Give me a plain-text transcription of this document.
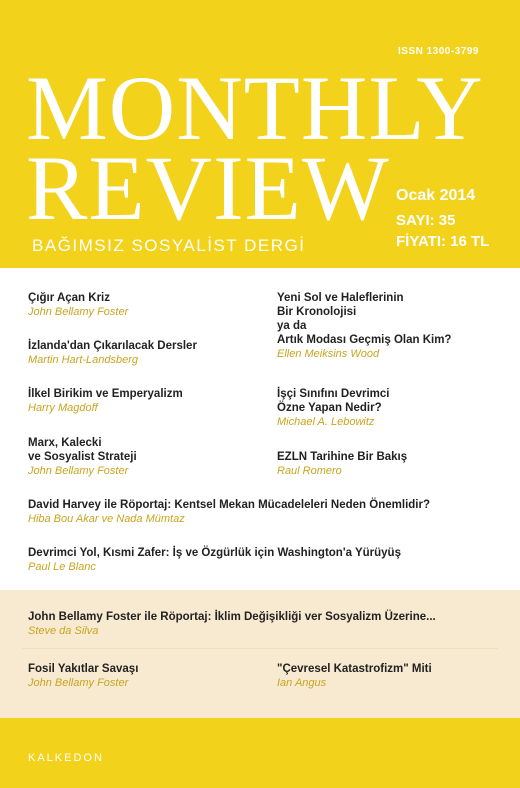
ISSN 1300-3799
MONTHLY
REVIEW
BAĞIMSIZ SOSYALİST DERGİ
Ocak 2014
SAYI: 35
FİYATI: 16 TL
Çığır Açan Kriz
John Bellamy Foster
İzlanda'dan Çıkarılacak Dersler
Martin Hart-Landsberg
İlkel Birikim ve Emperyalizm
Harry Magdoff
Marx, Kalecki
ve Sosyalist Strateji
John Bellamy Foster
Yeni Sol ve Haleflerinin
Bir Kronolojisi
ya da
Artık Modası Geçmiş Olan Kim?
Ellen Meiksins Wood
İşçi Sınıfını Devrimci
Özne Yapan Nedir?
Michael A. Lebowitz
EZLN Tarihine Bir Bakış
Raul Romero
David Harvey ile Röportaj: Kentsel Mekan Mücadeleleri Neden Önemlidir?
Hiba Bou Akar ve Nada Mümtaz
Devrimci Yol, Kısmi Zafer: İş ve Özgürlük için Washington'a Yürüyüş
Paul Le Blanc
John Bellamy Foster ile Röportaj: İklim Değişikliği ver Sosyalizm Üzerine...
Steve da Silva
Fosil Yakıtlar Savaşı
John Bellamy Foster
"Çevresel Katastrofizm" Miti
Ian Angus
KALKEDON
